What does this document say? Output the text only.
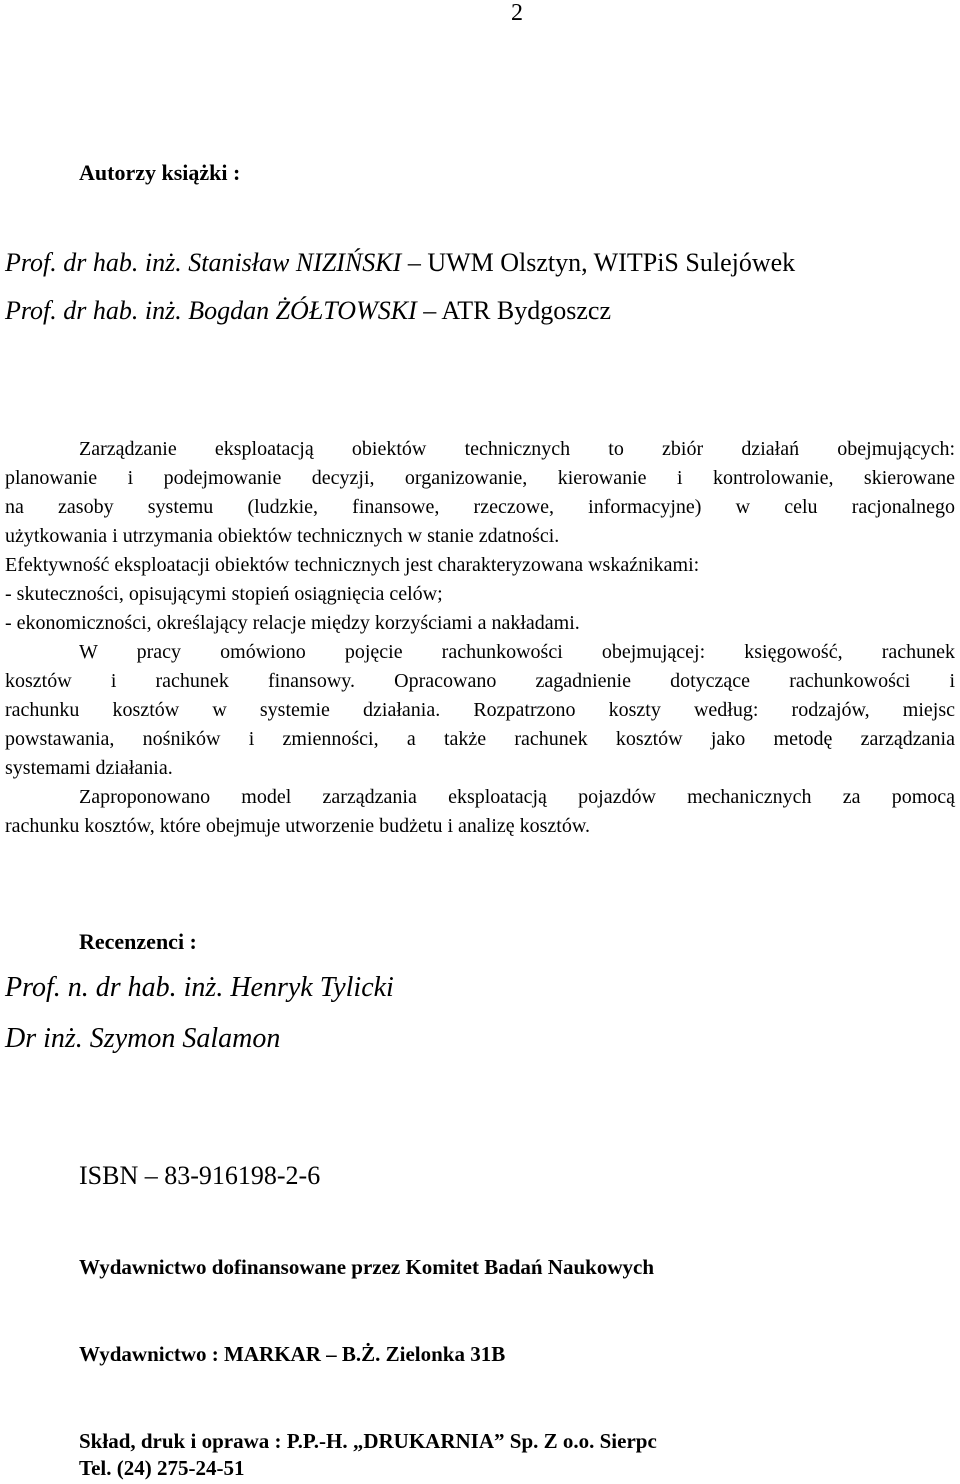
2
Autorzy książki :
Prof. dr hab. inż. Stanisław NIZIŃSKI – UWM Olsztyn, WITPiS Sulejówek
Prof. dr hab. inż. Bogdan ŻÓŁTOWSKI – ATR Bydgoszcz
Zarządzanie eksploatacją obiektów technicznych to zbiór działań obejmujących:
planowanie i podejmowanie decyzji, organizowanie, kierowanie i kontrolowanie, skierowane
na zasoby systemu (ludzkie, finansowe, rzeczowe, informacyjne) w celu racjonalnego
użytkowania i utrzymania obiektów technicznych w stanie zdatności.
Efektywność eksploatacji obiektów technicznych jest charakteryzowana wskaźnikami:
- skuteczności, opisującymi stopień osiągnięcia celów;
- ekonomiczności, określający relacje między korzyściami a nakładami.
W pracy omówiono pojęcie rachunkowości obejmującej: księgowość, rachunek
kosztów i rachunek finansowy. Opracowano zagadnienie dotyczące rachunkowości i
rachunku kosztów w systemie działania. Rozpatrzono koszty według: rodzajów, miejsc
powstawania, nośników i zmienności, a także rachunek kosztów jako metodę zarządzania
systemami działania.
Zaproponowano model zarządzania eksploatacją pojazdów mechanicznych za pomocą
rachunku kosztów, które obejmuje utworzenie budżetu i analizę kosztów.
Recenzenci :
Prof. n. dr hab. inż. Henryk Tylicki
Dr inż. Szymon Salamon
ISBN – 83-916198-2-6
Wydawnictwo dofinansowane przez Komitet Badań Naukowych
Wydawnictwo : MARKAR – B.Ż. Zielonka 31B
Skład, druk i oprawa : P.P.-H. „DRUKARNIA” Sp. Z o.o. Sierpc
Tel. (24) 275-24-51
